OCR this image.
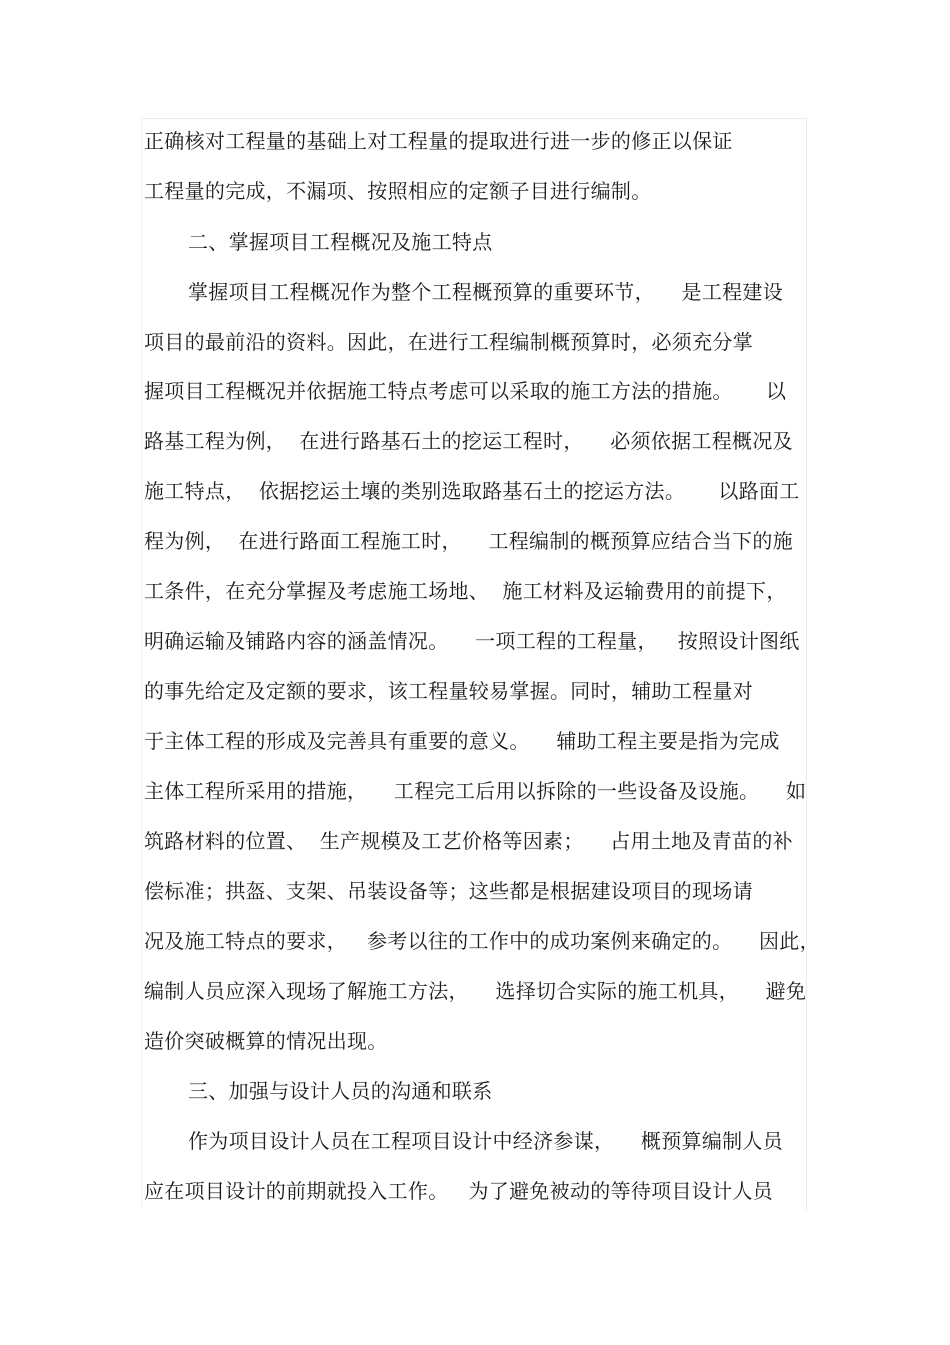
正确核对工程量的基础上对工程量的提取进行进一步的修正以保证
工程量的完成，不漏项、按照相应的定额子目进行编制。
二、掌握项目工程概况及施工特点
掌握项目工程概况作为整个工程概预算的重要环节，    是工程建设
项目的最前沿的资料。因此，在进行工程编制概预算时，必须充分掌
握项目工程概况并依据施工特点考虑可以采取的施工方法的措施。     以
路基工程为例，  在进行路基石土的挖运工程时，    必须依据工程概况及
施工特点，  依据挖运土壤的类别选取路基石土的挖运方法。     以路面工
程为例，  在进行路面工程施工时，    工程编制的概预算应结合当下的施
工条件，在充分掌握及考虑施工场地、  施工材料及运输费用的前提下，
明确运输及铺路内容的涵盖情况。    一项工程的工程量，   按照设计图纸
的事先给定及定额的要求，该工程量较易掌握。同时，辅助工程量对
于主体工程的形成及完善具有重要的意义。    辅助工程主要是指为完成
主体工程所采用的措施，    工程完工后用以拆除的一些设备及设施。    如
筑路材料的位置、  生产规模及工艺价格等因素；    占用土地及青苗的补
偿标准；拱盔、支架、吊装设备等；这些都是根据建设项目的现场请
况及施工特点的要求，   参考以往的工作中的成功案例来确定的。    因此，
编制人员应深入现场了解施工方法，    选择切合实际的施工机具，    避免
造价突破概算的情况出现。
三、加强与设计人员的沟通和联系
作为项目设计人员在工程项目设计中经济参谋，    概预算编制人员
应在项目设计的前期就投入工作。   为了避免被动的等待项目设计人员
